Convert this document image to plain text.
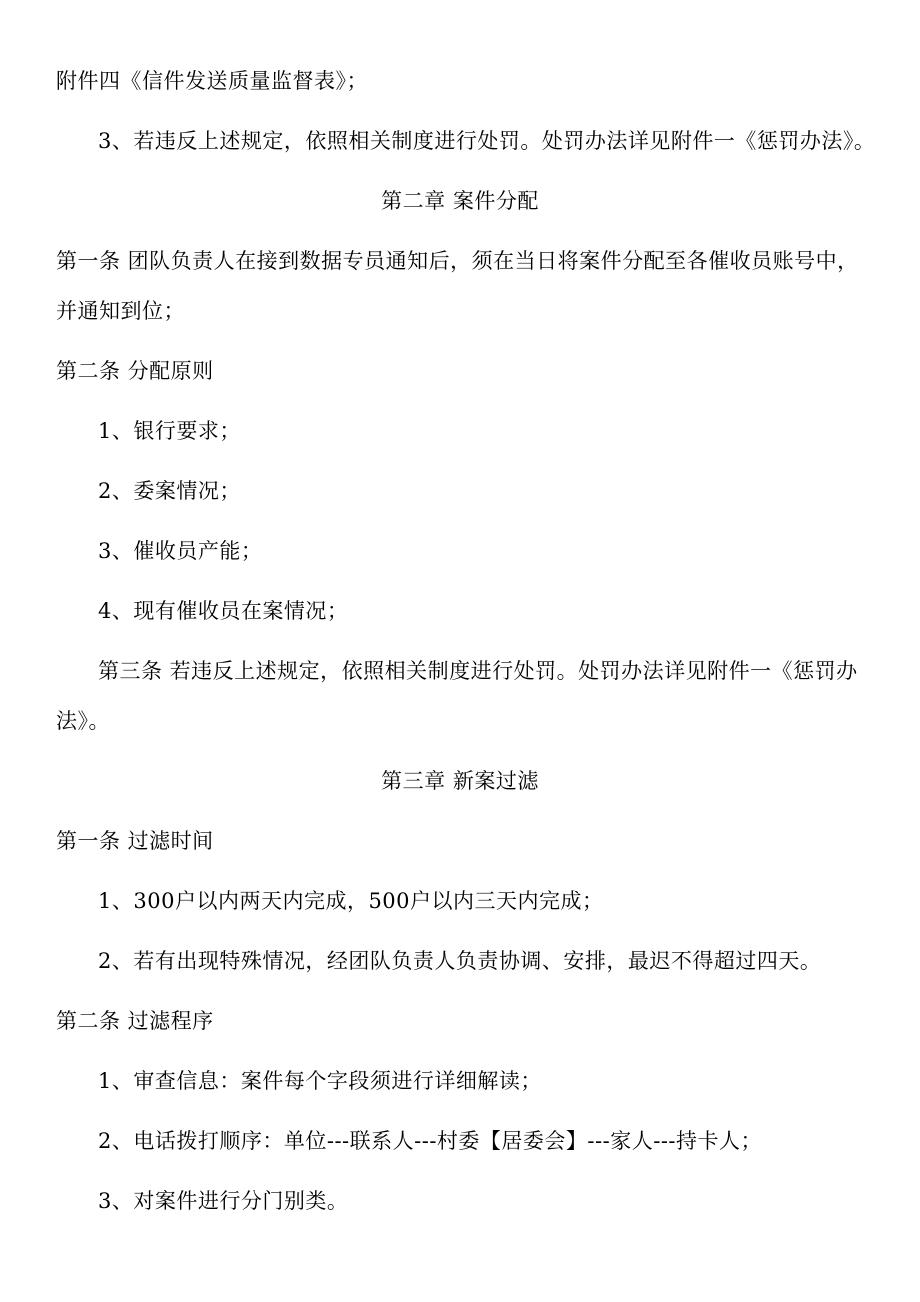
附件四《信件发送质量监督表》；
3、若违反上述规定，依照相关制度进行处罚。处罚办法详见附件一《惩罚办法》。
第二章 案件分配
第一条 团队负责人在接到数据专员通知后，须在当日将案件分配至各催收员账号中，
并通知到位；
第二条 分配原则
1、银行要求；
2、委案情况；
3、催收员产能；
4、现有催收员在案情况；
第三条 若违反上述规定，依照相关制度进行处罚。处罚办法详见附件一《惩罚办
法》。
第三章 新案过滤
第一条 过滤时间
1、300户以内两天内完成，500户以内三天内完成；
2、若有出现特殊情况，经团队负责人负责协调、安排，最迟不得超过四天。
第二条 过滤程序
1、审查信息：案件每个字段须进行详细解读；
2、电话拨打顺序：单位---联系人---村委【居委会】---家人---持卡人；
3、对案件进行分门别类。
